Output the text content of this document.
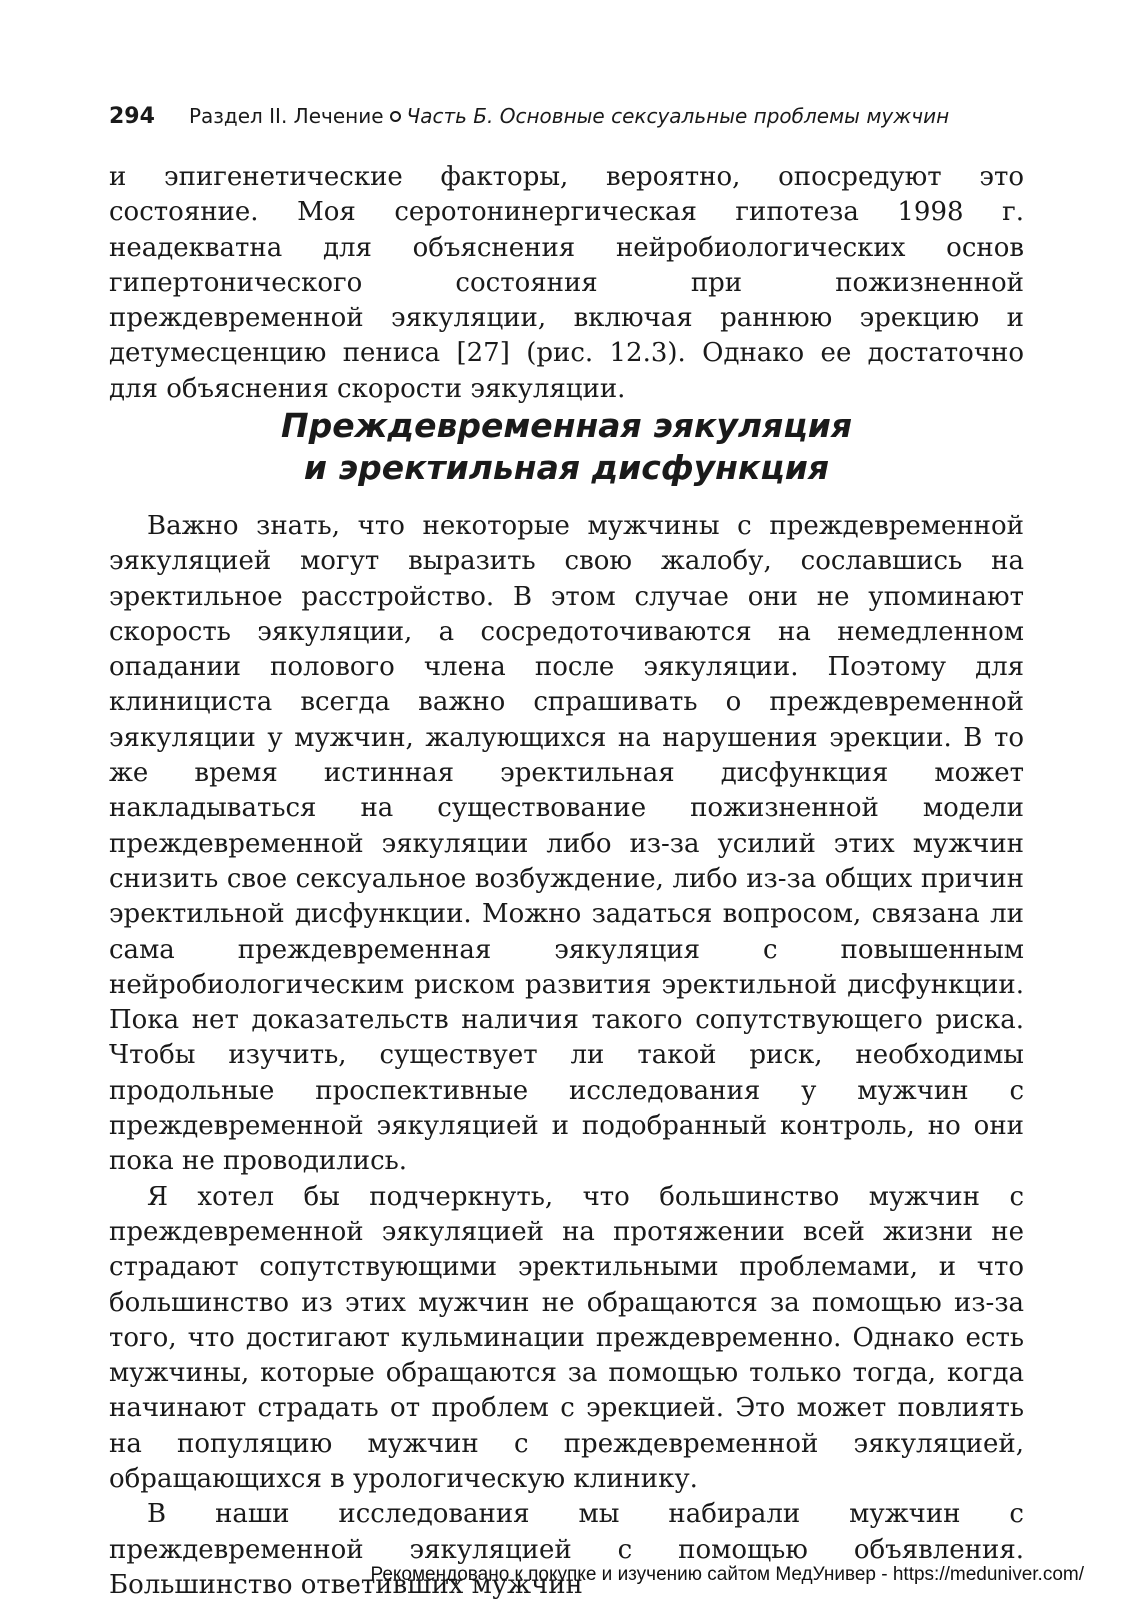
294 Раздел II. Лечение Часть Б. Основные сексуальные проблемы мужчин

и эпигенетические факторы, вероятно, опосредуют это состояние. Моя серотонинергическая гипотеза 1998 г. неадекватна для объяснения нейробиологических основ гипертонического состояния при пожизненной преждевременной эякуляции, включая раннюю эрекцию и детумесценцию пениса [27] (рис. 12.3). Однако ее достаточно для объяснения скорости эякуляции.

Преждевременная эякуляция
и эректильная дисфункция

Важно знать, что некоторые мужчины с преждевременной эякуляцией могут выразить свою жалобу, сославшись на эректильное расстройство. В этом случае они не упоминают скорость эякуляции, а сосредоточиваются на немедленном опадании полового члена после эякуляции. Поэтому для клинициста всегда важно спрашивать о преждевременной эякуляции у мужчин, жалующихся на нарушения эрекции. В то же время истинная эректильная дисфункция может накладываться на существование пожизненной модели преждевременной эякуляции либо из-за усилий этих мужчин снизить свое сексуальное возбуждение, либо из-за общих причин эректильной дисфункции. Можно задаться вопросом, связана ли сама преждевременная эякуляция с повышенным нейробиологическим риском развития эректильной дисфункции. Пока нет доказательств наличия такого сопутствующего риска. Чтобы изучить, существует ли такой риск, необходимы продольные проспективные исследования у мужчин с преждевременной эякуляцией и подобранный контроль, но они пока не проводились.

Я хотел бы подчеркнуть, что большинство мужчин с преждевременной эякуляцией на протяжении всей жизни не страдают сопутствующими эректильными проблемами, и что большинство из этих мужчин не обращаются за помощью из-за того, что достигают кульминации преждевременно. Однако есть мужчины, которые обращаются за помощью только тогда, когда начинают страдать от проблем с эрекцией. Это может повлиять на популяцию мужчин с преждевременной эякуляцией, обращающихся в урологическую клинику.

В наши исследования мы набирали мужчин с преждевременной эякуляцией с помощью объявления. Большинство ответивших мужчин

Рекомендовано к покупке и изучению сайтом МедУнивер - https://meduniver.com/
